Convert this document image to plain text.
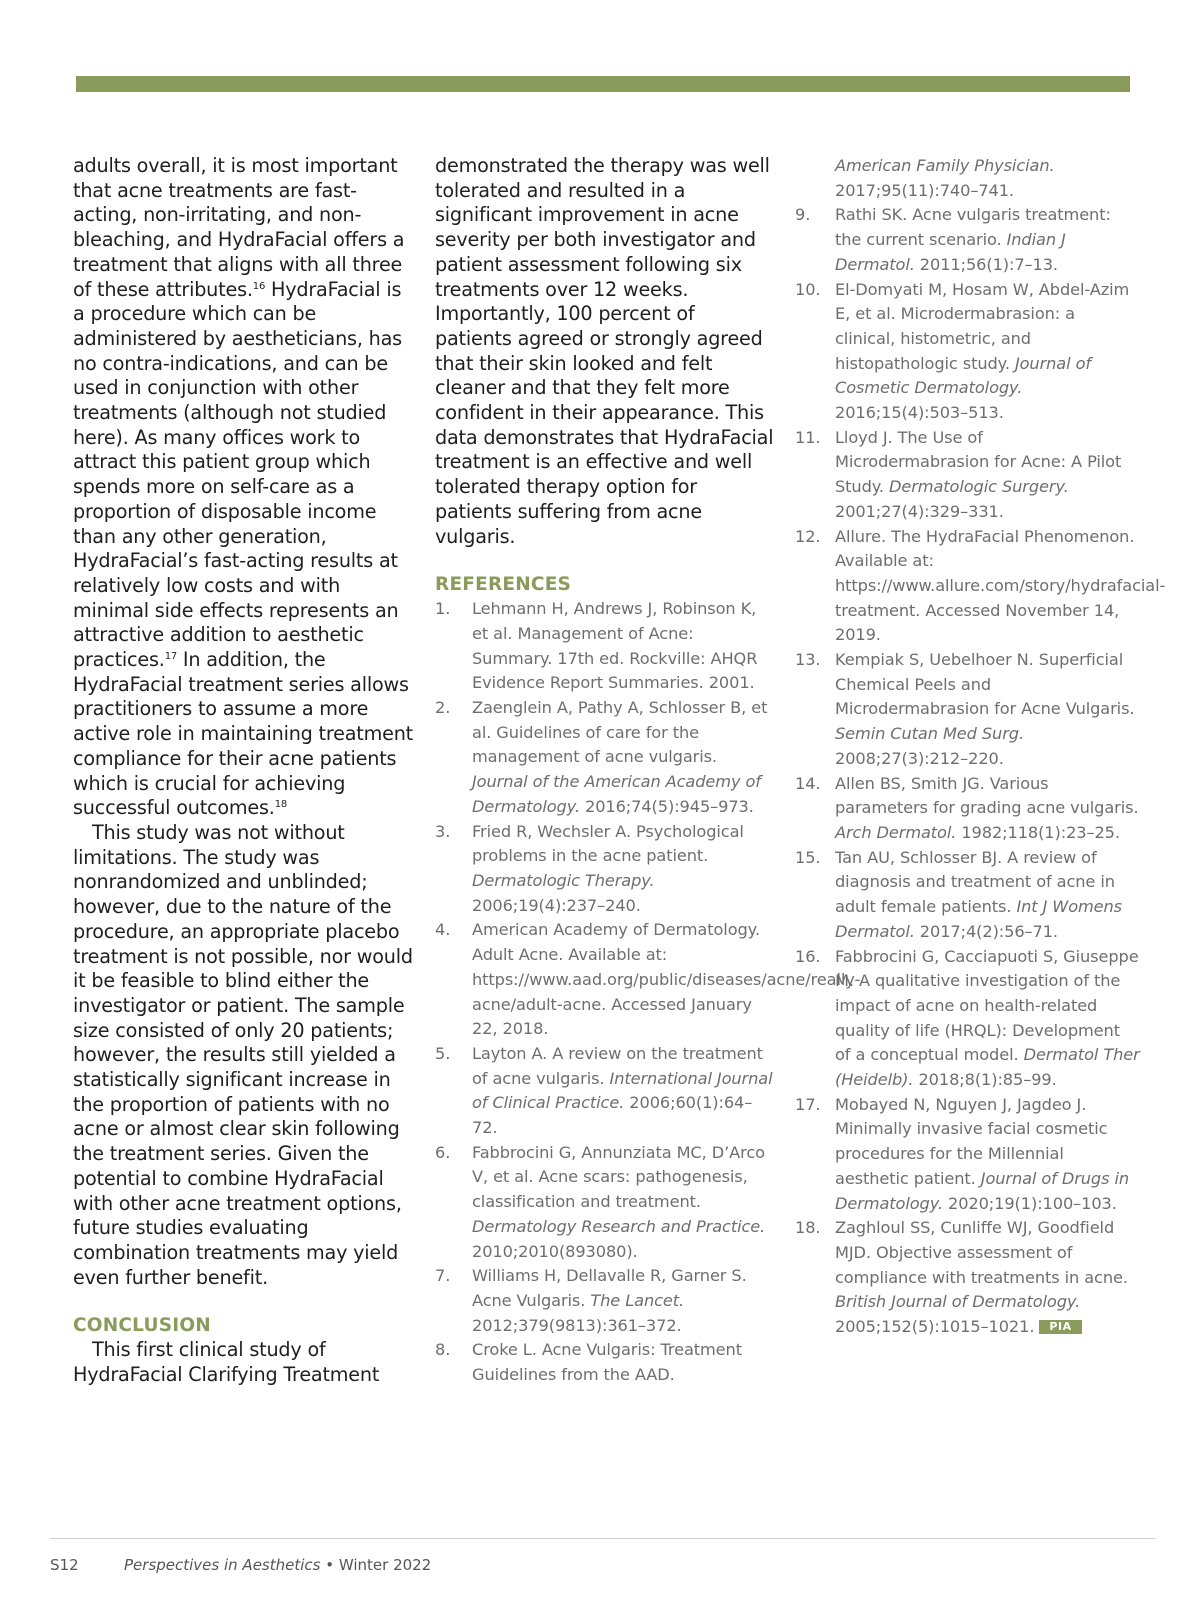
adults overall, it is most important that acne treatments are fast-acting, non-irritating, and non-bleaching, and HydraFacial offers a treatment that aligns with all three of these attributes.$^{16}$ HydraFacial is a procedure which can be administered by aestheticians, has no contra-indications, and can be used in conjunction with other treatments (although not studied here). As many offices work to attract this patient group which spends more on self-care as a proportion of disposable income than any other generation, HydraFacial’s fast-acting results at relatively low costs and with minimal side effects represents an attractive addition to aesthetic practices.$^{17}$ In addition, the HydraFacial treatment series allows practitioners to assume a more active role in maintaining treatment compliance for their acne patients which is crucial for achieving successful outcomes.$^{18}$

This study was not without limitations. The study was nonrandomized and unblinded; however, due to the nature of the procedure, an appropriate placebo treatment is not possible, nor would it be feasible to blind either the investigator or patient. The sample size consisted of only 20 patients; however, the results still yielded a statistically significant increase in the proportion of patients with no acne or almost clear skin following the treatment series. Given the potential to combine HydraFacial with other acne treatment options, future studies evaluating combination treatments may yield even further benefit.

CONCLUSION

This first clinical study of HydraFacial Clarifying Treatment

demonstrated the therapy was well tolerated and resulted in a significant improvement in acne severity per both investigator and patient assessment following six treatments over 12 weeks. Importantly, 100 percent of patients agreed or strongly agreed that their skin looked and felt cleaner and that they felt more confident in their appearance. This data demonstrates that HydraFacial treatment is an effective and well tolerated therapy option for patients suffering from acne vulgaris.

REFERENCES
1. Lehmann H, Andrews J, Robinson K, et al. Management of Acne: Summary. 17th ed. Rockville: AHQR Evidence Report Summaries. 2001.
2. Zaenglein A, Pathy A, Schlosser B, et al. Guidelines of care for the management of acne vulgaris. Journal of the American Academy of Dermatology. 2016;74(5):945–973.
3. Fried R, Wechsler A. Psychological problems in the acne patient. Dermatologic Therapy. 2006;19(4):237–240.
4. American Academy of Dermatology. Adult Acne. Available at: https://www.aad.org/public/diseases/acne/really-acne/adult-acne. Accessed January 22, 2018.
5. Layton A. A review on the treatment of acne vulgaris. International Journal of Clinical Practice. 2006;60(1):64–72.
6. Fabbrocini G, Annunziata MC, D’Arco V, et al. Acne scars: pathogenesis, classification and treatment. Dermatology Research and Practice. 2010;2010(893080).
7. Williams H, Dellavalle R, Garner S. Acne Vulgaris. The Lancet. 2012;379(9813):361–372.
8. Croke L. Acne Vulgaris: Treatment Guidelines from the AAD.
American Family Physician.
2017;95(11):740–741.
9. Rathi SK. Acne vulgaris treatment: the current scenario. Indian J Dermatol. 2011;56(1):7–13.
10. El-Domyati M, Hosam W, Abdel-Azim E, et al. Microdermabrasion: a clinical, histometric, and histopathologic study. Journal of Cosmetic Dermatology. 2016;15(4):503–513.
11. Lloyd J. The Use of Microdermabrasion for Acne: A Pilot Study. Dermatologic Surgery. 2001;27(4):329–331.
12. Allure. The HydraFacial Phenomenon. Available at: https://www.allure.com/story/hydrafacial-treatment. Accessed November 14, 2019.
13. Kempiak S, Uebelhoer N. Superficial Chemical Peels and Microdermabrasion for Acne Vulgaris. Semin Cutan Med Surg. 2008;27(3):212–220.
14. Allen BS, Smith JG. Various parameters for grading acne vulgaris. Arch Dermatol. 1982;118(1):23–25.
15. Tan AU, Schlosser BJ. A review of diagnosis and treatment of acne in adult female patients. Int J Womens Dermatol. 2017;4(2):56–71.
16. Fabbrocini G, Cacciapuoti S, Giuseppe M. A qualitative investigation of the impact of acne on health-related quality of life (HRQL): Development of a conceptual model. Dermatol Ther (Heidelb). 2018;8(1):85–99.
17. Mobayed N, Nguyen J, Jagdeo J. Minimally invasive facial cosmetic procedures for the Millennial aesthetic patient. Journal of Drugs in Dermatology. 2020;19(1):100–103.
18. Zaghloul SS, Cunliffe WJ, Goodfield MJD. Objective assessment of compliance with treatments in acne. British Journal of Dermatology. 2005;152(5):1015–1021. PIA
S12	Perspectives in Aesthetics • Winter 2022
